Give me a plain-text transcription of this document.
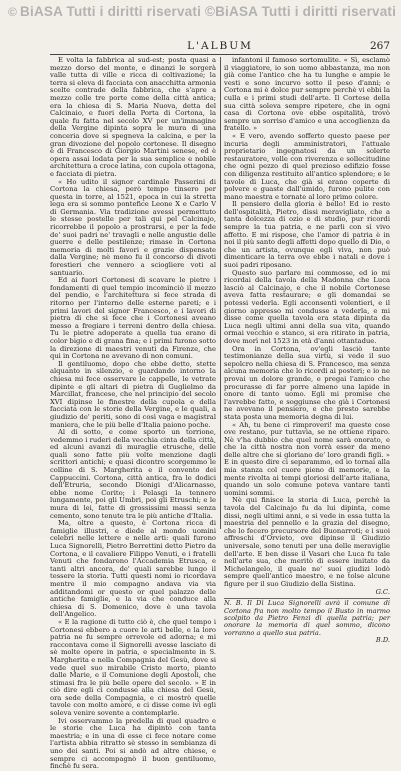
© BiASA Tutti i diritti riservati ©BiASA Tutti i diritti riservati
L'ALBUM	267

E volta la fabbrica al sud-est; posta quasi a mezzo dorso del monte, e dinanzi le sorgerà valle tutta di ville e ricca di coltivazione; la terra si eleva di facciata con anacchitta armonia scelte contrade della fabbrica, che s'apre a mezzo colle tre porte come della città antica; era la chiesa di S. Maria Nuova, detta del Calcinaio, e fuori della Porta di Cortona, la quale fu fatta nel secolo XV per un'immagine della Vergine dipinta sopra le mura di una conceria dove si spegneva la calcina, e per la gran divozione del popolo cortonese. Il disegno è di Francesco di Giorgio Martini senese, ed è opera assai lodata per la sua semplice e nobile architettura a croce latina, con cupola ottagona, e facciata di pietra.

« Ho udito il signor cardinale Passerini di Cortona la chiesa, però tempo tinsero per questa in torre, al 1521, epoca in cui la stretta lega era si sommo pontefice Leone X e Carlo V di Germania. Via tradizione avessi permettuto le stesse postelle per tali qui pel Calcinajo, ricorrebbe il popolo a prostrarsi, e per la fede de' suoi padri ne' travagli e nelle angustie delle guerre e delle pestilenze; rimase in Cortona memoria di molti favori e grazie dispensate dalla Vergine; nè meno fu il concorso di divoti forestieri che vennero a sciogliere voti al santuario.

Ed ai fuori Cortonesi di scavare le pietre i fondamenti di quel tempio incominciò il mezzo del pendio, e l'architettura si fece strada di ritorno per l'interno delle esterne pareti; e i primi lavori del signor Francesco, e i lavori di pietra di che si fece che i Cortonesi aveano messo a fregiare i terreni dentro della chiesa. Tu le pietre adoperate a quella tua erano di color bigio e di grana fina; e i primi furono sotto la direzione di maestri venuti da Firenze, che qui in Cortona ne avevano di non comuni.

Il gentiluomo, dopo che ebbe detto, stette alquanto in silenzio, e guardando intorno la chiesa mi fece osservare le cappelle, le vetrate dipinte e gli altari di pietra di Guglielmo da Marcillat, francese, che nel principio del secolo XVI dipinse le finestre della cupola e della facciata con le storie della Vergine, e le quali, a giudizio de' periti, sono di così vaga e magistral maniera, che le più belle d'Italia paiono poche.

Al di sotto, e come sporto un torrione, vedemmo i ruderi della vecchia cinta della città, ed alcuni avanzi di muraglie etrusche, delle quali sono fatte più volte menzione dagli scrittori antichi; e quasi dicontro scorgemmo le colline di S. Margherita e il convento dei Cappuccini. Cortona, città antica, fra le dodici dell'Etruria, secondo Dionigi d'Alicarnasso, ebbe nome Corito; i Pelasgi la tennero lungamente, poi gli Umbri, poi gli Etruschi; e le mura di lei, fatte di grossissimi massi senza cemento, sono tenute tra le più antiche d'Italia.

Ma, oltre a questo, è Cortona ricca di famiglie illustri, e diede al mondo uomini celebri nelle lettere e nelle arti: quali furono Luca Signorelli, Pietro Berrettini detto Pietro da Cortona, e il cavaliere Filippo Venuti, e i fratelli Venuti che fondarono l'Accademia Etrusca, e tanti altri ancora, de' quali sarebbe lungo il tessere la storia. Tutti questi nomi io ricordava mentre il mio compagno andava via via additandomi or questo or quel palazzo delle antiche famiglie, e la via che conduce alla chiesa di S. Domenico, dove è una tavola dell'Angelico.

« E la ragione di tutto ciò è, che quel tempo i Cortonesi ebbero a cuore le arti belle, e la loro patria ne fu sempre orrevole ed adorna; e mi raccontava come il Signorelli avesse lasciato di sè molte opere in patria, e specialmente in S. Margherita e nella Compagnia del Gesù, dove si vede quel suo mirabile Cristo morto, pianto dalle Marie, e il Comunione degli Apostoli, che stimasi fra le più belle opere del secolo. » E in ciò dire egli ci condusse alla chiesa del Gesù, ora sede della Compagnia, e ci mostrò quelle tavole con molto amore, e ci disse come ivi egli soleva venire sovente a contemplarle.

Ivi osservammo la predella di quel quadro e le storie che Luca ha dipinto con tanta maestria; e in una di esse ci fece notare come l'artista abbia ritratto sè stesso in sembianza di uno dei santi. Poi si andò ad altre chiese, e sempre ci accompagnò il buon gentiluomo, finchè fu sera.

infantoni il famoso sortomulite. « Sì, esclamò il viaggiatore, io son uomo abbastanza, ma non già come l'antico che ha tu lunghe e ampie le vesti e sono incurvo sotto il peso d'anni; e Cortona mi è dolce pur sempre perchè vi ebbi la culla e i primi studi dell'arte. Il Cortese della sua città soleva sempre ripetere, che in ogni casa di Cortona ove ebbe ospitalità, trovò sempre un sorriso d'amico e una accoglienza da fratello. »

« E vero, avendo sofferto questo paese per incuria degli amministratori, l'attuale proprietario ingegnatosi da un solerte restauratore, volle con riverenza e sollecitudine che ogni pezzo di quel prezioso edifizio fosse con diligenza restituito all'antico splendore; e le tavole di Luca, che già si erano coperte di polvere e guaste dall'umido, furono pulite con mano maestra e tornate al loro primo colore.

Il pensiero della gloria è bello! Ed io resto dell'ospitalità, Pietro, dissi meravigliato, che a tanta dolcezza di ozio e di studio, pur ricordi sempre la tua patria, e ne parli con sì vivo affetto. E mi rispose, che l'amor di patria è in noi il più santo degli affetti dopo quello di Dio, e che un artista, ovunque egli viva, non può dimenticare la terra ove ebbe i natali e dove i suoi padri riposano.

Questo suo parlare mi commosse, ed io mi ricordai della tavola della Madonna che Luca lasciò al Calcinajo, e che il nobile Cortonese aveva fatta restaurare; e gli domandai se potessi vederla. Egli acconsentì volentieri, e il giorno appresso mi condusse a vederla, e mi disse come quella tavola era stata dipinta da Luca negli ultimi anni della sua vita, quando ormai vecchio e stanco, si era ritirato in patria, dove morì nel 1523 in età d'anni ottantadue.

Ora in Cortona, ov'egli lasciò tante testimonianze della sua virtù, si vede il suo sepolcro nella chiesa di S. Francesco, ma senza alcuna memoria che lo ricordi ai posteri; e io ne provai un dolore grande, e pregai l'amico che procurasse di far porre almeno una lapide in onore di tanto uomo. Egli mi promise che l'avrebbe fatto, e soggiunse che già i Cortonesi ne avevano il pensiero, e che presto sarebbe stata posta una memoria degna di lui.

« Ah, tu bene ci rimproveri! ma queste cose ove restano, pur tuttavia, se ne ottiene riparo. Nè v'ha dubbio che quel nome sarà onorato, e che la città nostra non vorrà esser da meno delle altre che si gloriano de' loro grandi figli. » E in questo dire ci separammo, ed io tornai alla mia stanza col cuore pieno di memorie, e la mente rivolta ai tempi gloriosi dell'arte italiana, quando un solo comune poteva vantare tanti uomini sommi.

Nè qui finisce la storia di Luca, perchè la tavola del Calcinajo fu da lui dipinta, come dissi, negli ultimi anni, e si vede in essa tutta la maestria del pennello e la grazia del disegno, che lo fecero precursore del Buonarroti; e i suoi affreschi d'Orvieto, ove dipinse il Giudizio universale, sono tenuti per una delle meraviglie dell'arte. E ben disse il Vasari che Luca fu tale nell'arte sua, che meritò di essere imitato da Michelangelo, il quale ne' suoi giudizi lodò sempre quell'antico maestro, e ne tolse alcune figure per il suo Giudizio della Sistina.

G.C.
N. B. Il Dì Luca Signorelli avrà il comune di Cortona fra non molto tempo il Busto in marmo scolpito da Pietro Fenzi di quella patria; per onorare la memoria di quel sommo, dicono vorranno a quello sua patria.
B.D.
